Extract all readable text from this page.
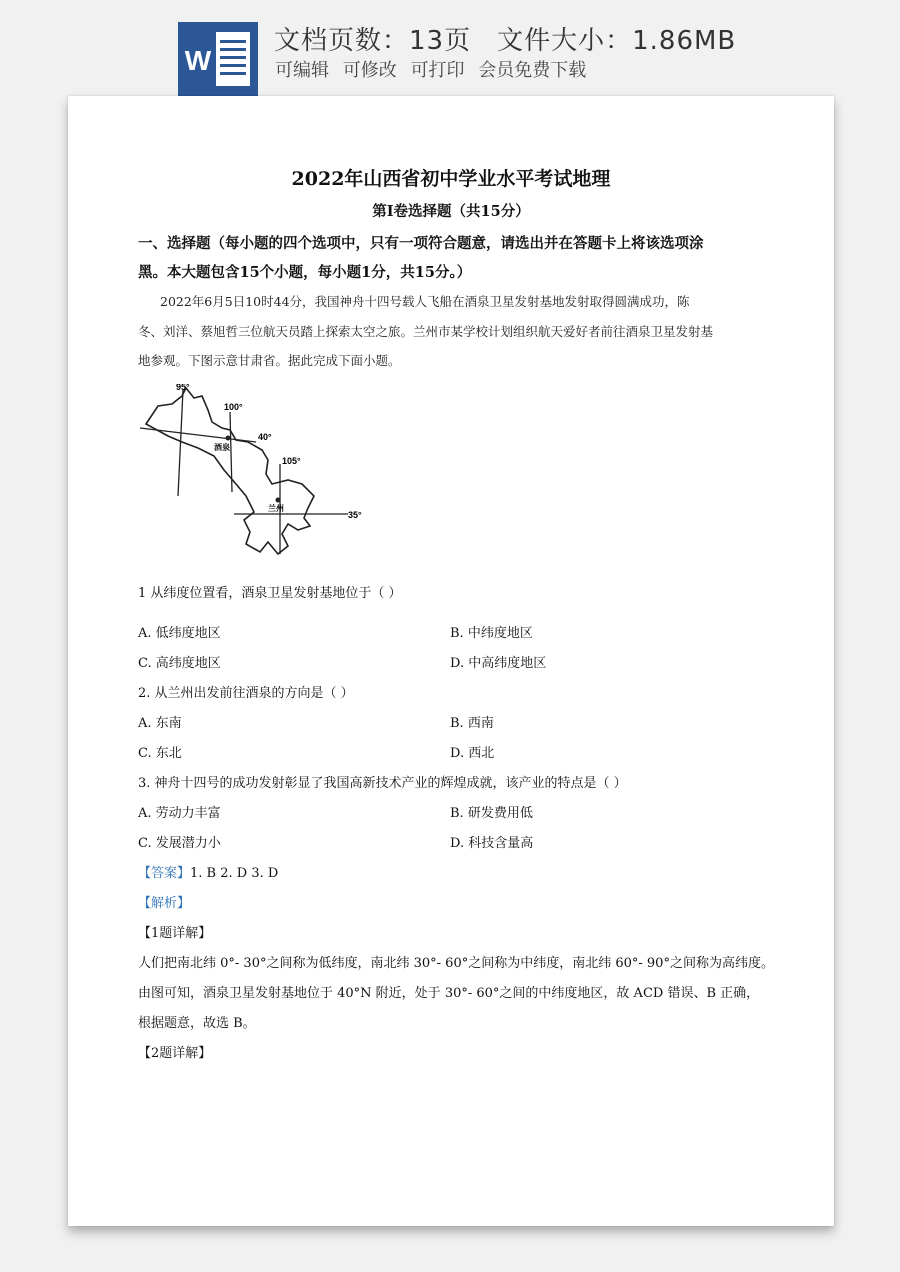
W
文档页数：13页 文件大小：1.86MB
可编辑 可修改 可打印 会员免费下载
2022年山西省初中学业水平考试地理
第I卷选择题（共15分）
一、选择题（每小题的四个选项中，只有一项符合题意，请选出并在答题卡上将该选项涂
黑。本大题包含15个小题，每小题1分，共15分。）
2022年6月5日10时44分，我国神舟十四号载人飞船在酒泉卫星发射基地发射取得圆满成功，陈
冬、刘洋、蔡旭哲三位航天员踏上探索太空之旅。兰州市某学校计划组织航天爱好者前往酒泉卫星发射基
地参观。下图示意甘肃省。据此完成下面小题。
95°
100°
105°
40°
35°
酒泉
兰州
1 从纬度位置看，酒泉卫星发射基地位于（ ）
A. 低纬度地区	B. 中纬度地区
C. 高纬度地区	D. 中高纬度地区
2. 从兰州出发前往酒泉的方向是（ ）
A. 东南	B. 西南
C. 东北	D. 西北
3. 神舟十四号的成功发射彰显了我国高新技术产业的辉煌成就，该产业的特点是（ ）
A. 劳动力丰富	B. 研发费用低
C. 发展潜力小	D. 科技含量高
【答案】1. B 2. D 3. D
【解析】
【1题详解】
人们把南北纬 0°- 30°之间称为低纬度，南北纬 30°- 60°之间称为中纬度，南北纬 60°- 90°之间称为高纬度。
由图可知，酒泉卫星发射基地位于 40°N 附近，处于 30°- 60°之间的中纬度地区，故 ACD 错误、B 正确，
根据题意，故选 B。
【2题详解】
